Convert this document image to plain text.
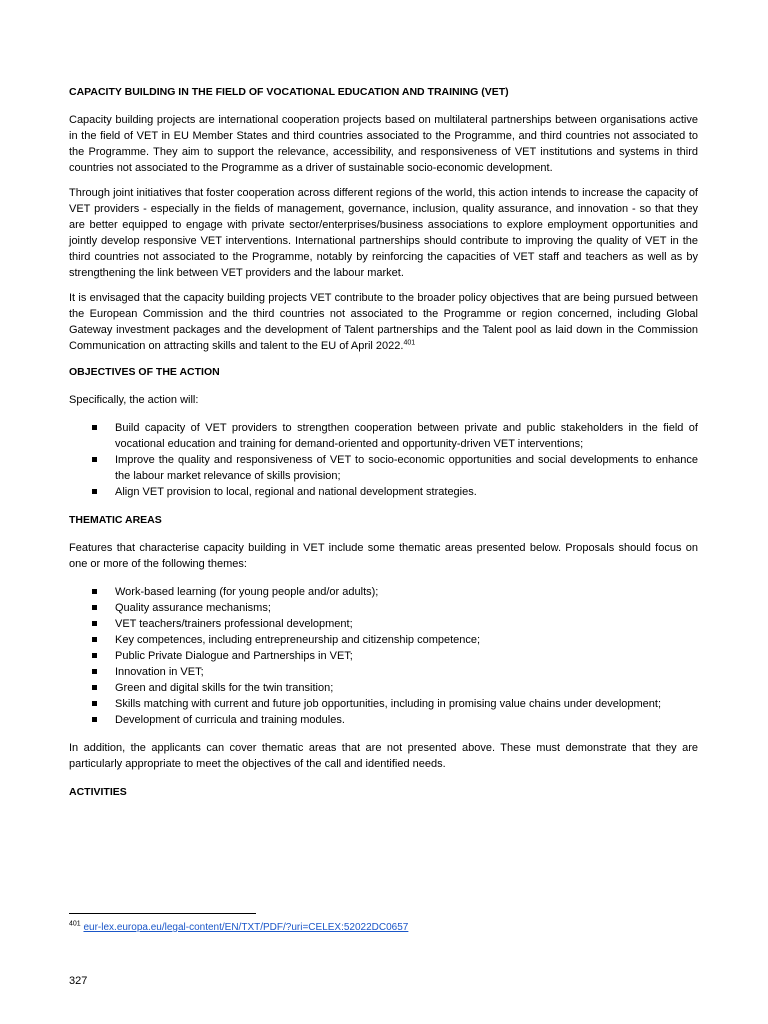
CAPACITY BUILDING IN THE FIELD OF VOCATIONAL EDUCATION AND TRAINING (VET)

Capacity building projects are international cooperation projects based on multilateral partnerships between organisations active in the field of VET in EU Member States and third countries associated to the Programme, and third countries not associated to the Programme. They aim to support the relevance, accessibility, and responsiveness of VET institutions and systems in third countries not associated to the Programme as a driver of sustainable socio-economic development.

Through joint initiatives that foster cooperation across different regions of the world, this action intends to increase the capacity of VET providers - especially in the fields of management, governance, inclusion, quality assurance, and innovation - so that they are better equipped to engage with private sector/enterprises/business associations to explore employment opportunities and jointly develop responsive VET interventions. International partnerships should contribute to improving the quality of VET in the third countries not associated to the Programme, notably by reinforcing the capacities of VET staff and teachers as well as by strengthening the link between VET providers and the labour market.

It is envisaged that the capacity building projects VET contribute to the broader policy objectives that are being pursued between the European Commission and the third countries not associated to the Programme or region concerned, including Global Gateway investment packages and the development of Talent partnerships and the Talent pool as laid down in the Commission Communication on attracting skills and talent to the EU of April 2022.$^{401}$

OBJECTIVES OF THE ACTION

Specifically, the action will:

Build capacity of VET providers to strengthen cooperation between private and public stakeholders in the field of vocational education and training for demand-oriented and opportunity-driven VET interventions;
Improve the quality and responsiveness of VET to socio-economic opportunities and social developments to enhance the labour market relevance of skills provision;
Align VET provision to local, regional and national development strategies.
THEMATIC AREAS

Features that characterise capacity building in VET include some thematic areas presented below. Proposals should focus on one or more of the following themes:

Work-based learning (for young people and/or adults);
Quality assurance mechanisms;
VET teachers/trainers professional development;
Key competences, including entrepreneurship and citizenship competence;
Public Private Dialogue and Partnerships in VET;
Innovation in VET;
Green and digital skills for the twin transition;
Skills matching with current and future job opportunities, including in promising value chains under development;
Development of curricula and training modules.

In addition, the applicants can cover thematic areas that are not presented above. These must demonstrate that they are particularly appropriate to meet the objectives of the call and identified needs.

ACTIVITIES
$^{401}$ eur-lex.europa.eu/legal-content/EN/TXT/PDF/?uri=CELEX:52022DC0657
327
